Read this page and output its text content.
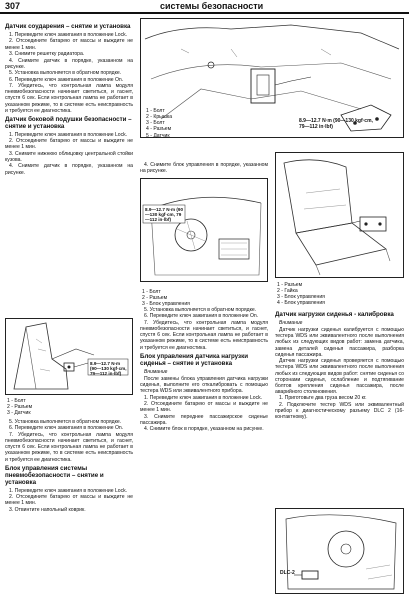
307	системы безопасности
Датчик соударения – снятие и установка

1. Переведите ключ зажигания в положение Lock.

2. Отсоедините батарею от массы и выждите не менее 1 мин.

3. Снимите решетку радиатора.

4. Снимите датчик в порядке, указанном на рисунке.

5. Установка выполняется в обратном порядке.

6. Переведите ключ зажигания в положение On.

7. Убедитесь, что контрольная лампа модуля пневмобезопасности начинает светиться, и гаснет, спустя 6 сек. Если контрольная лампа не работает в указанном режиме, то в системе есть неисправность и требуется ее диагностика.

Датчик боковой подушки безопасности – снятие и установка

1. Переведите ключ зажигания в положение Lock.

2. Отсоедините батарею от массы и выждите не менее 1 мин.

3. Снимите нижнюю облицовку центральной стойки кузова.

4. Снимите датчик в порядке, указанном на рисунке.

8.9—12.7 N·m (90—130 kgf·cm, 79—112 in·lbf)
1 - Болт
2 - Разъем
3 - Датчик

5. Установка выполняется в обратном порядке.

6. Переведите ключ зажигания в положение On.

7. Убедитесь, что контрольная лампа модуля пневмобезопасности начинает светиться, и гаснет, спустя 6 сек. Если контрольная лампа не работает в указанном режиме, то в системе есть неисправность и требуется ее диагностика.

Блок управления системы пневмобезопасности – снятие и установка

1. Переведите ключ зажигания в положение Lock.

2. Отсоедините батарею от массы и выждите не менее 1 мин.

3. Отвинтите напольный коврик.

8.9—12.7 N·m (90—130 kgf·cm, 79—112 in·lbf)
1 - Болт
2 - Крышка
3 - Болт
4 - Разъем
5 - Датчик

4. Снимите блок управления в порядке, указанном на рисунке.

8.9—12.7 N·m (90—130 kgf·cm, 79—112 in·lbf)
1 - Болт
2 - Разъем
3 - Блок управления

5. Установка выполняется в обратном порядке.

6. Переведите ключ зажигания в положение On.

7. Убедитесь, что контрольная лампа модуля пневмобезопасности начинает светиться, и гаснет, спустя 6 сек. Если контрольная лампа не работает в указанном режиме, то в системе есть неисправность и требуется ее диагностика.

Блок управления датчика нагрузки сиденья – снятие и установка
Внимание

После замены блока управления датчика нагрузки сиденья, выполните его откалибровать с помощью тестера WDS или эквивалентного прибора.

1. Переведите ключ зажигания в положение Lock.

2. Отсоедините батарею от массы и выждите не менее 1 мин.

3. Снимите переднее пассажирское сиденье пассажира.

4. Снимите блок в порядке, указанном на рисунке.

1 - Разъем
2 - Гайка
3 - Блок управления
4 - Блок управления
Датчик нагрузки сиденья - калибровка
Внимание

Датчик нагрузки сиденья калибруется с помощью тестера WDS или эквивалентного после выполнения любых из следующих видов работ: замена датчика, замена деталей сиденья пассажира, разборка сиденья пассажира.

Датчик нагрузки сиденья проверяется с помощью тестера WDS или эквивалентного после выполнения любых из следующих видов работ: снятие сиденья со сторонами сиденья, ослабление и подтягивание болтов крепления сиденья пассажира, после аварийного столкновения.

1. Приготовьте два груза весом 20 кг.

2. Подключите тестер WDS или эквивалентный прибор к диагностическому разъему DLC 2 (16- контактному).

DLC-2
